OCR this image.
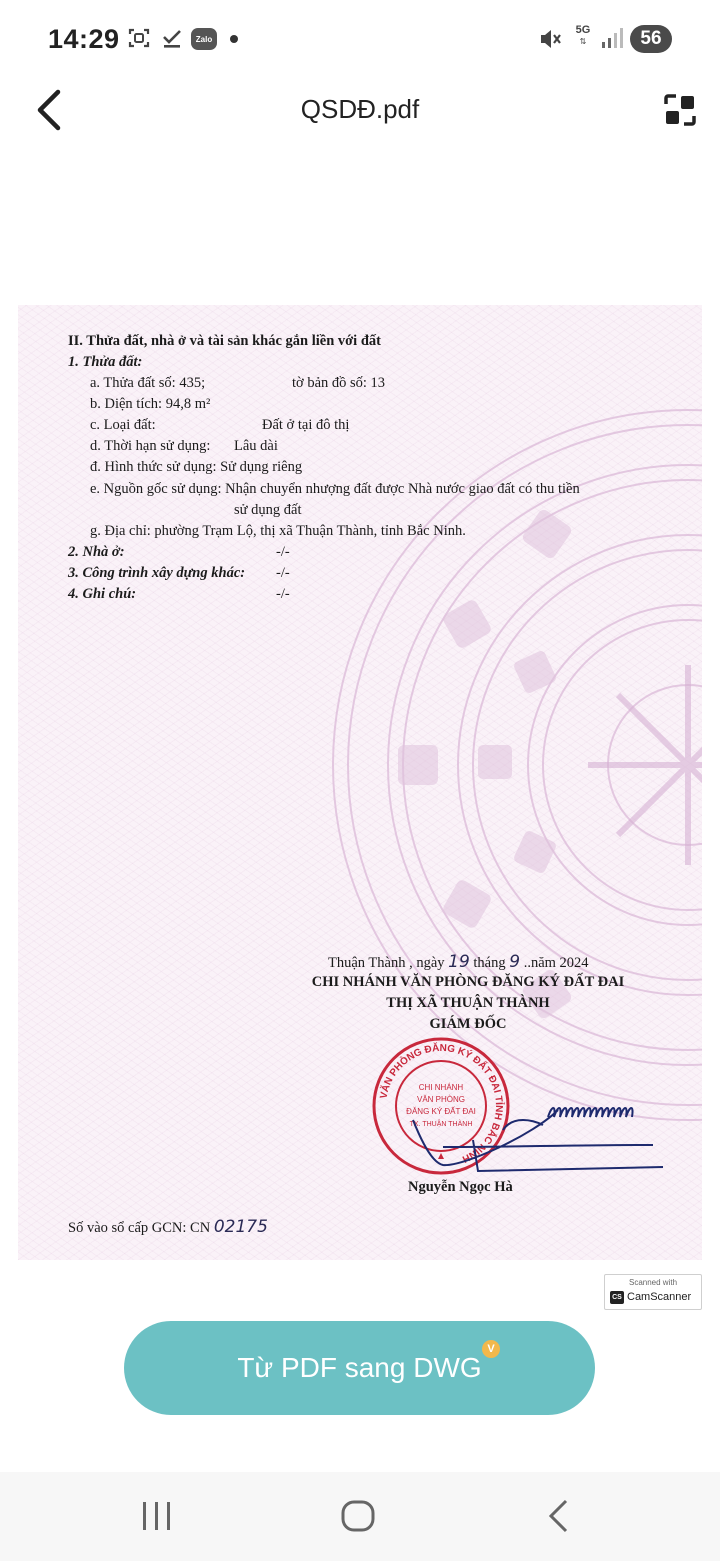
14:29	Zalo
5G
⇅	56
QSDĐ.pdf
II. Thửa đất, nhà ở và tài sản khác gắn liền với đất
1. Thửa đất:
a. Thửa đất số: 435;	tờ bản đồ số: 13
b. Diện tích: 94,8 m²
c. Loại đất:	Đất ở tại đô thị
d. Thời hạn sử dụng: Lâu dài
đ. Hình thức sử dụng: Sử dụng riêng
e. Nguồn gốc sử dụng: Nhận chuyển nhượng đất được Nhà nước giao đất có thu tiền
sử dụng đất
g. Địa chỉ: phường Trạm Lộ, thị xã Thuận Thành, tỉnh Bắc Ninh.
2. Nhà ở:	-/-
3. Công trình xây dựng khác: -/-
4. Ghi chú:	-/-
Thuận Thành , ngày 19 tháng 9 ..năm 2024
CHI NHÁNH VĂN PHÒNG ĐĂNG KÝ ĐẤT ĐAI
THỊ XÃ THUẬN THÀNH
GIÁM ĐỐC
VĂN PHÒNG ĐĂNG KÝ ĐẤT ĐAI TỈNH BẮC NINH
CHI NHÁNH
VĂN PHÒNG
ĐĂNG KÝ ĐẤT ĐAI
TX. THUẬN THÀNH
Nguyễn Ngọc Hà
Số vào sổ cấp GCN: CN 02175
Scanned with
CS CamScanner
Từ PDF sang DWG
V
